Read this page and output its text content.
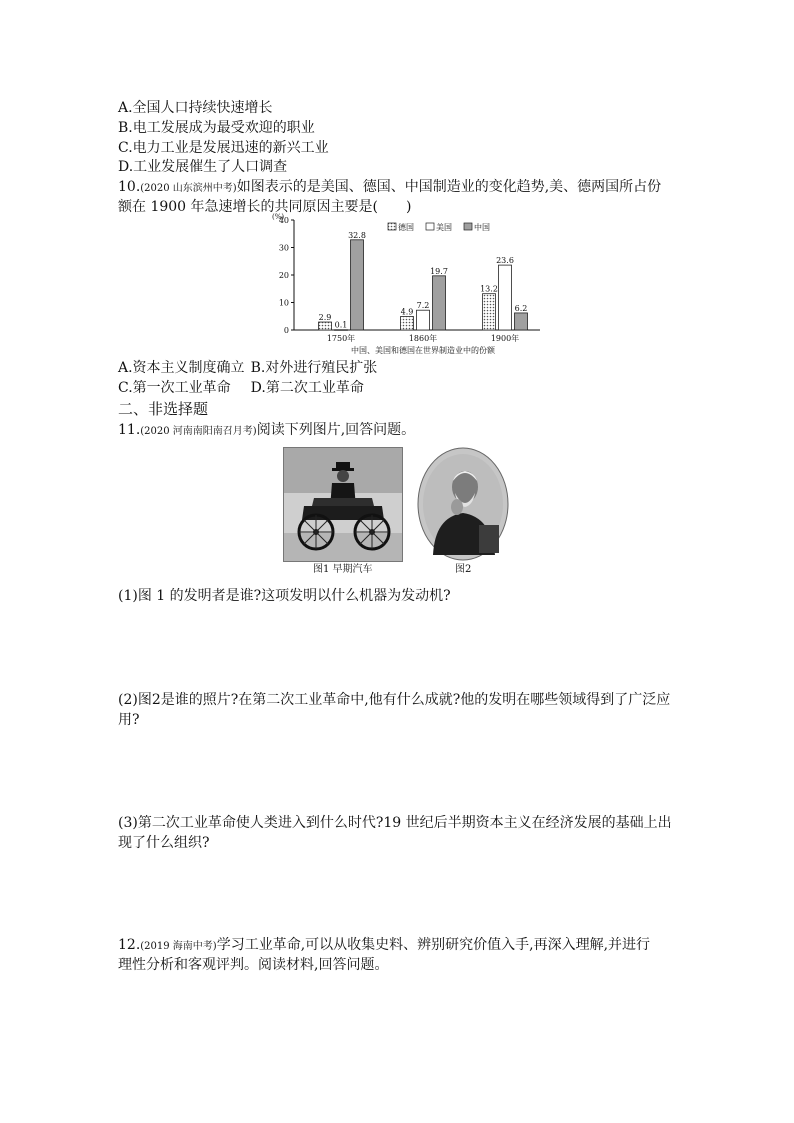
A.全国人口持续快速增长
B.电工发展成为最受欢迎的职业
C.电力工业是发展迅速的新兴工业
D.工业发展催生了人口调查
10.(2020 山东滨州中考)如图表示的是美国、德国、中国制造业的变化趋势,美、德两国所占份
额在 1900 年急速增长的共同原因主要是(　　)
0
10
20
30
40
(%)
2.9
0.1
32.8
1750年
4.9
7.2
19.7
1860年
13.2
23.6
6.2
1900年
中国、美国和德国在世界制造业中的份额
德国	美国	中国
A.资本主义制度确立 B.对外进行殖民扩张
C.第一次工业革命 D.第二次工业革命
二、非选择题
11.(2020 河南南阳南召月考)阅读下列图片,回答问题。
图1 早期汽车	图2
(1)图 1 的发明者是谁?这项发明以什么机器为发动机?
(2)图2是谁的照片?在第二次工业革命中,他有什么成就?他的发明在哪些领域得到了广泛应
用?
(3)第二次工业革命使人类进入到什么时代?19 世纪后半期资本主义在经济发展的基础上出
现了什么组织?
12.(2019 海南中考)学习工业革命,可以从收集史料、辨别研究价值入手,再深入理解,并进行
理性分析和客观评判。阅读材料,回答问题。
